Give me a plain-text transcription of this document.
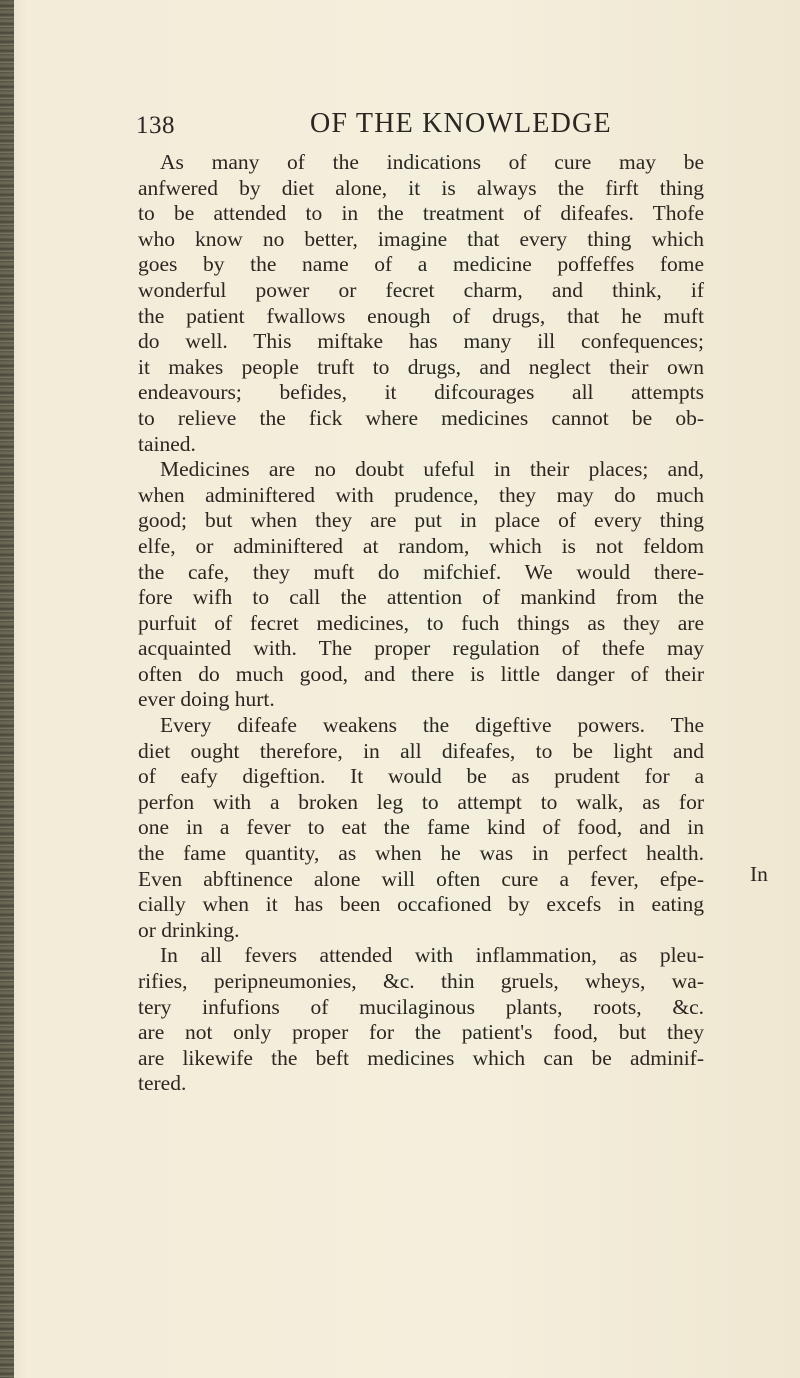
138	OF THE KNOWLEDGE
As many of the indications of cure may be
anfwered by diet alone, it is always the firft thing
to be attended to in the treatment of difeafes. Thofe
who know no better, imagine that every thing which
goes by the name of a medicine poffeffes fome
wonderful power or fecret charm, and think, if
the patient fwallows enough of drugs, that he muft
do well. This miftake has many ill confequences;
it makes people truft to drugs, and neglect their own
endeavours; befides, it difcourages all attempts
to relieve the fick where medicines cannot be ob-
tained.
Medicines are no doubt ufeful in their places; and,
when adminiftered with prudence, they may do much
good; but when they are put in place of every thing
elfe, or adminiftered at random, which is not feldom
the cafe, they muft do mifchief. We would there-
fore wifh to call the attention of mankind from the
purfuit of fecret medicines, to fuch things as they are
acquainted with. The proper regulation of thefe may
often do much good, and there is little danger of their
ever doing hurt.
Every difeafe weakens the digeftive powers. The
diet ought therefore, in all difeafes, to be light and
of eafy digeftion. It would be as prudent for a
perfon with a broken leg to attempt to walk, as for
one in a fever to eat the fame kind of food, and in
the fame quantity, as when he was in perfect health.
Even abftinence alone will often cure a fever, efpe-
cially when it has been occafioned by excefs in eating
or drinking.
In all fevers attended with inflammation, as pleu-
rifies, peripneumonies, &c. thin gruels, wheys, wa-
tery infufions of mucilaginous plants, roots, &c.
are not only proper for the patient's food, but they
are likewife the beft medicines which can be adminif-
tered.
In
